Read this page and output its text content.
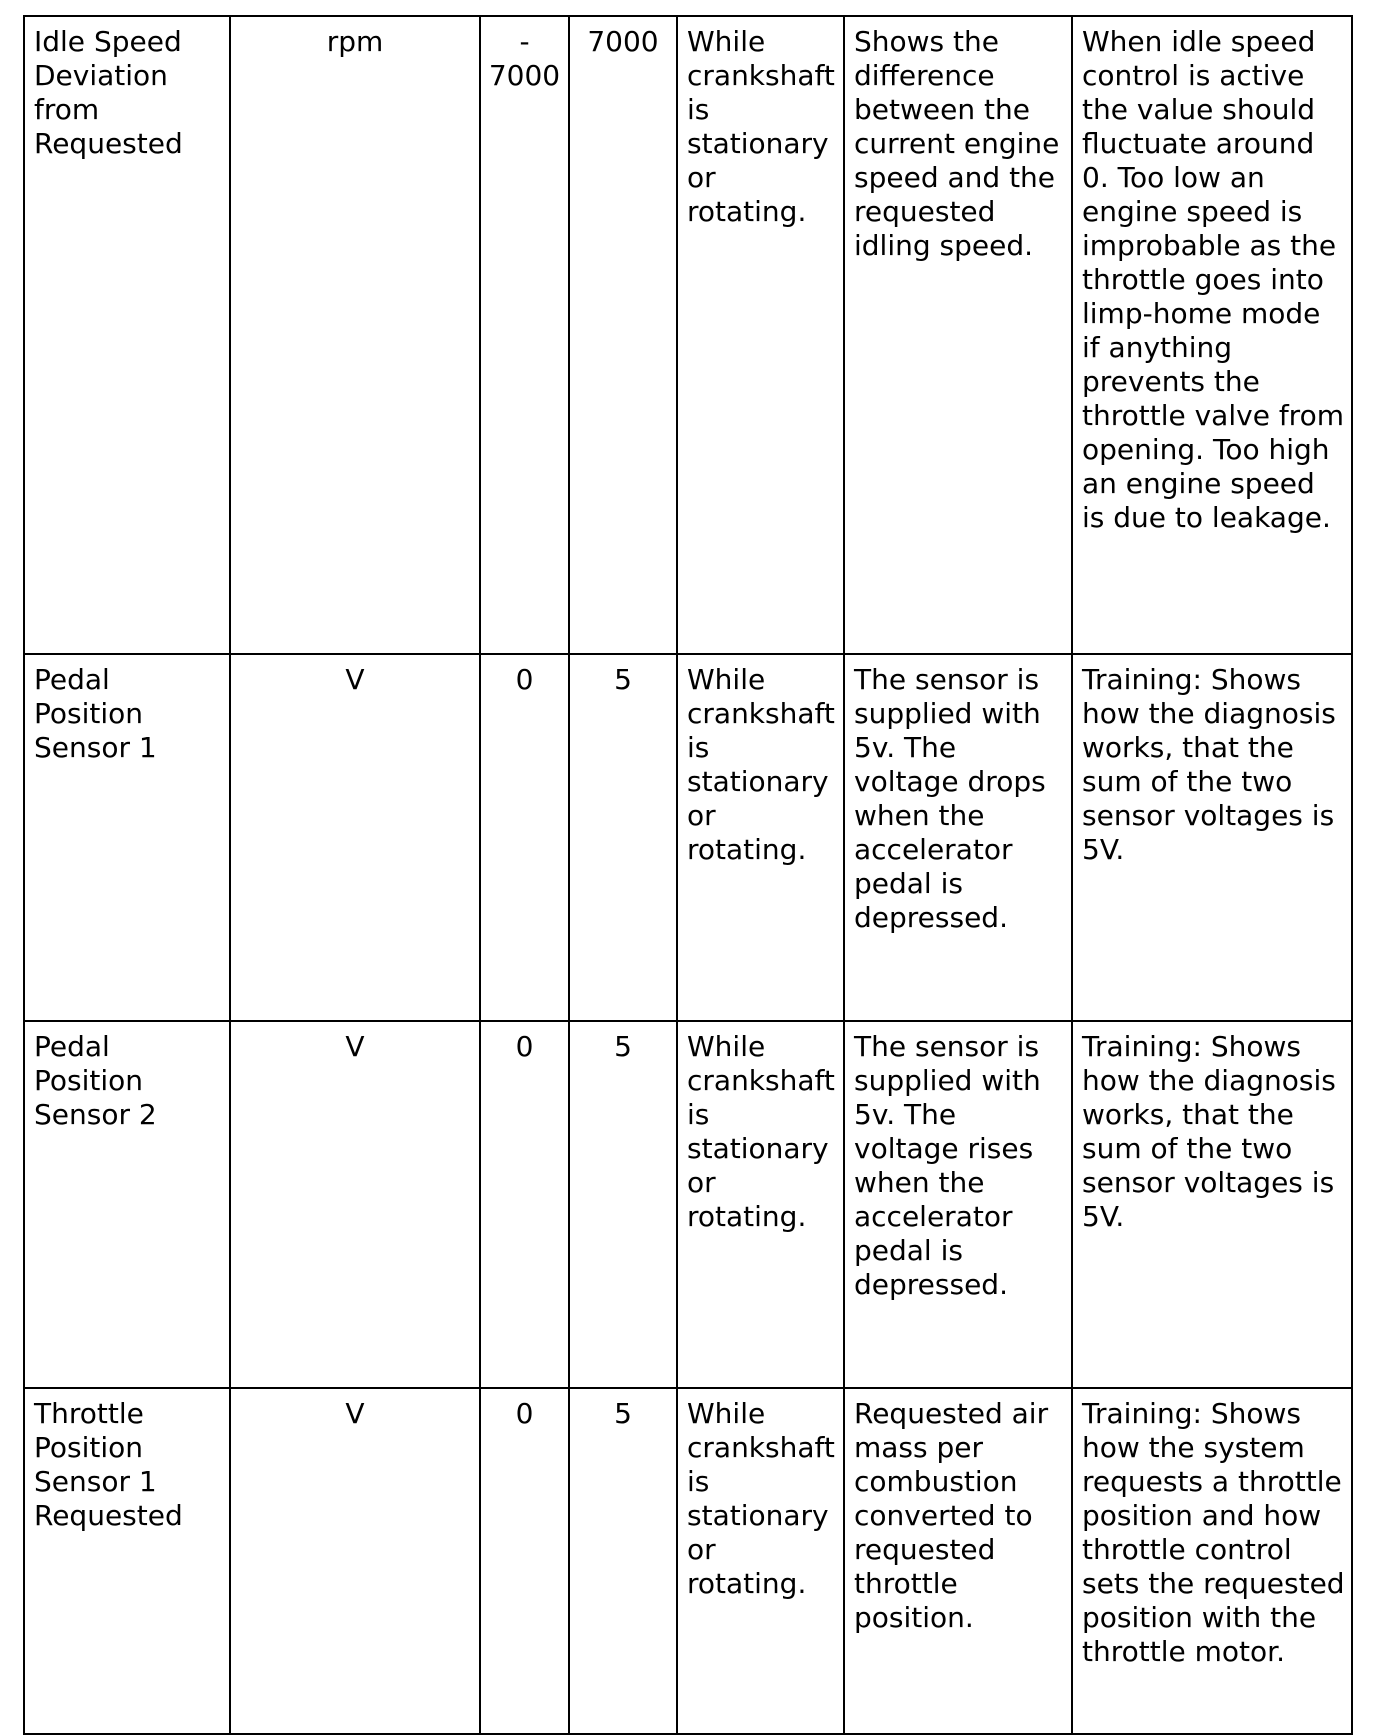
Idle Speed Deviation from Requested	rpm	- 7000	7000	While crankshaft is stationary or rotating.	Shows the difference between the current engine speed and the requested idling speed.	When idle speed control is active the value should fluctuate around 0. Too low an engine speed is improbable as the throttle goes into limp-home mode if anything prevents the throttle valve from opening. Too high an engine speed is due to leakage.
Pedal Position Sensor 1	V	0	5	While crankshaft is stationary or rotating.	The sensor is supplied with 5v. The voltage drops when the accelerator pedal is depressed.	Training: Shows how the diagnosis works, that the sum of the two sensor voltages is 5V.
Pedal Position Sensor 2	V	0	5	While crankshaft is stationary or rotating.	The sensor is supplied with 5v. The voltage rises when the accelerator pedal is depressed.	Training: Shows how the diagnosis works, that the sum of the two sensor voltages is 5V.
Throttle Position Sensor 1 Requested	V	0	5	While crankshaft is stationary or rotating.	Requested air mass per combustion converted to requested throttle position.	Training: Shows how the system requests a throttle position and how throttle control sets the requested position with the throttle motor.
